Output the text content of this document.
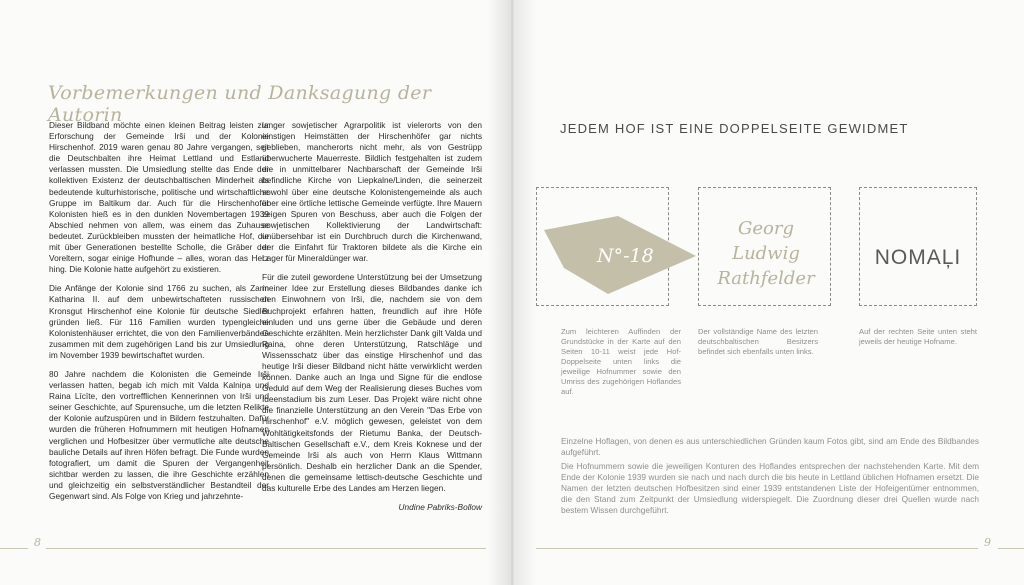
Vorbemerkungen und Danksagung der Autorin

Dieser Bildband möchte einen kleinen Beitrag leisten zur Erforschung der Gemeinde Irši und der Kolonie Hirschenhof. 2019 waren genau 80 Jahre vergangen, seit die Deutschbalten ihre Heimat Lettland und Estland verlassen mussten. Die Umsiedlung stellte das Ende der kollektiven Existenz der deutschbaltischen Minderheit als bedeutende kulturhistorische, politische und wirtschaftliche Gruppe im Baltikum dar. Auch für die Hirschenhofer Kolonisten hieß es in den dunklen Novembertagen 1939 Abschied nehmen von allem, was einem das Zuhause bedeutet. Zurückbleiben mussten der heimatliche Hof, die mit über Generationen bestellte Scholle, die Gräber der Voreltern, sogar einige Hofhunde – alles, woran das Herz hing. Die Kolonie hatte aufgehört zu existieren.

Die Anfänge der Kolonie sind 1766 zu suchen, als Zarin Katharina II. auf dem unbewirtschafteten russischen Kronsgut Hirschenhof eine Kolonie für deutsche Siedler gründen ließ. Für 116 Familien wurden typengleiche Kolonistenhäuser errichtet, die von den Familienverbänden zusammen mit dem zugehörigen Land bis zur Umsiedlung im November 1939 bewirtschaftet wurden.

80 Jahre nachdem die Kolonisten die Gemeinde Irši verlassen hatten, begab ich mich mit Valda Kalniņa und Raina Līcīte, den vortrefflichen Kennerinnen von Irši und seiner Geschichte, auf Spurensuche, um die letzten Relikte der Kolonie aufzuspüren und in Bildern festzuhalten. Dafür wurden die früheren Hofnummern mit heutigen Hofnamen verglichen und Hofbesitzer über vermutliche alte deutsche bauliche Details auf ihren Höfen befragt. Die Funde wurden fotografiert, um damit die Spuren der Vergangenheit sichtbar werden zu lassen, die ihre Geschichte erzählen und gleichzeitig ein selbstverständlicher Bestandteil der Gegenwart sind. Als Folge von Krieg und jahrzehnte-

langer sowjetischer Agrarpolitik ist vielerorts von den einstigen Heimstätten der Hirschenhöfer gar nichts geblieben, mancherorts nicht mehr, als von Gestrüpp überwucherte Mauerreste. Bildlich festgehalten ist zudem die in unmittelbarer Nachbarschaft der Gemeinde Irši befindliche Kirche von Liepkalne/Linden, die seinerzeit sowohl über eine deutsche Kolonistengemeinde als auch über eine örtliche lettische Gemeinde verfügte. Ihre Mauern zeigen Spuren von Beschuss, aber auch die Folgen der sowjetischen Kollektivierung der Landwirtschaft: unübersehbar ist ein Durchbruch durch die Kirchenwand, der die Einfahrt für Traktoren bildete als die Kirche ein Lager für Mineraldünger war.

Für die zuteil gewordene Unterstützung bei der Umsetzung meiner Idee zur Erstellung dieses Bildbandes danke ich den Einwohnern von Irši, die, nachdem sie von dem Buchprojekt erfahren hatten, freundlich auf ihre Höfe einluden und uns gerne über die Gebäude und deren Geschichte erzählten. Mein herzlichster Dank gilt Valda und Raina, ohne deren Unterstützung, Ratschläge und Wissensschatz über das einstige Hirschenhof und das heutige Irši dieser Bildband nicht hätte verwirklicht werden können. Danke auch an Inga und Signe für die endlose Geduld auf dem Weg der Realisierung dieses Buches vom Ideenstadium bis zum Leser. Das Projekt wäre nicht ohne die finanzielle Unterstützung an den Verein "Das Erbe von Hirschenhof" e.V. möglich gewesen, geleistet von dem Wohltätigkeitsfonds der Rietumu Banka, der Deutsch-Baltischen Gesellschaft e.V., dem Kreis Koknese und der Gemeinde Irši als auch von Herrn Klaus Wittmann persönlich. Deshalb ein herzlicher Dank an die Spender, denen die gemeinsame lettisch-deutsche Geschichte und das kulturelle Erbe des Landes am Herzen liegen.

Undine Pabriks-Bollow
8
JEDEM HOF IST EINE DOPPELSEITE GEWIDMET
N°-18
Georg Ludwig
Rathfelder
NOMAĻI
Zum leichteren Auffinden der Grundstücke in der Karte auf den Seiten 10-11 weist jede Hof-Doppelseite unten links die jeweilige Hofnummer sowie den Umriss des zugehörigen Hoflandes auf.
Der vollständige Name des letzten deutschbaltischen Besitzers befindet sich ebenfalls unten links.
Auf der rechten Seite unten steht jeweils der heutige Hofname.
Einzelne Hoflagen, von denen es aus unterschiedlichen Gründen kaum Fotos gibt, sind am Ende des Bildbandes aufgeführt.
Die Hofnummern sowie die jeweiligen Konturen des Hoflandes entsprechen der nachstehenden Karte. Mit dem Ende der Kolonie 1939 wurden sie nach und nach durch die bis heute in Lettland üblichen Hofnamen ersetzt. Die Namen der letzten deutschen Hofbesitzen sind einer 1939 entstandenen Liste der Hofeigentümer entnommen, die den Stand zum Zeitpunkt der Umsiedlung widerspiegelt. Die Zuordnung dieser drei Quellen wurde nach bestem Wissen durchgeführt.
9
